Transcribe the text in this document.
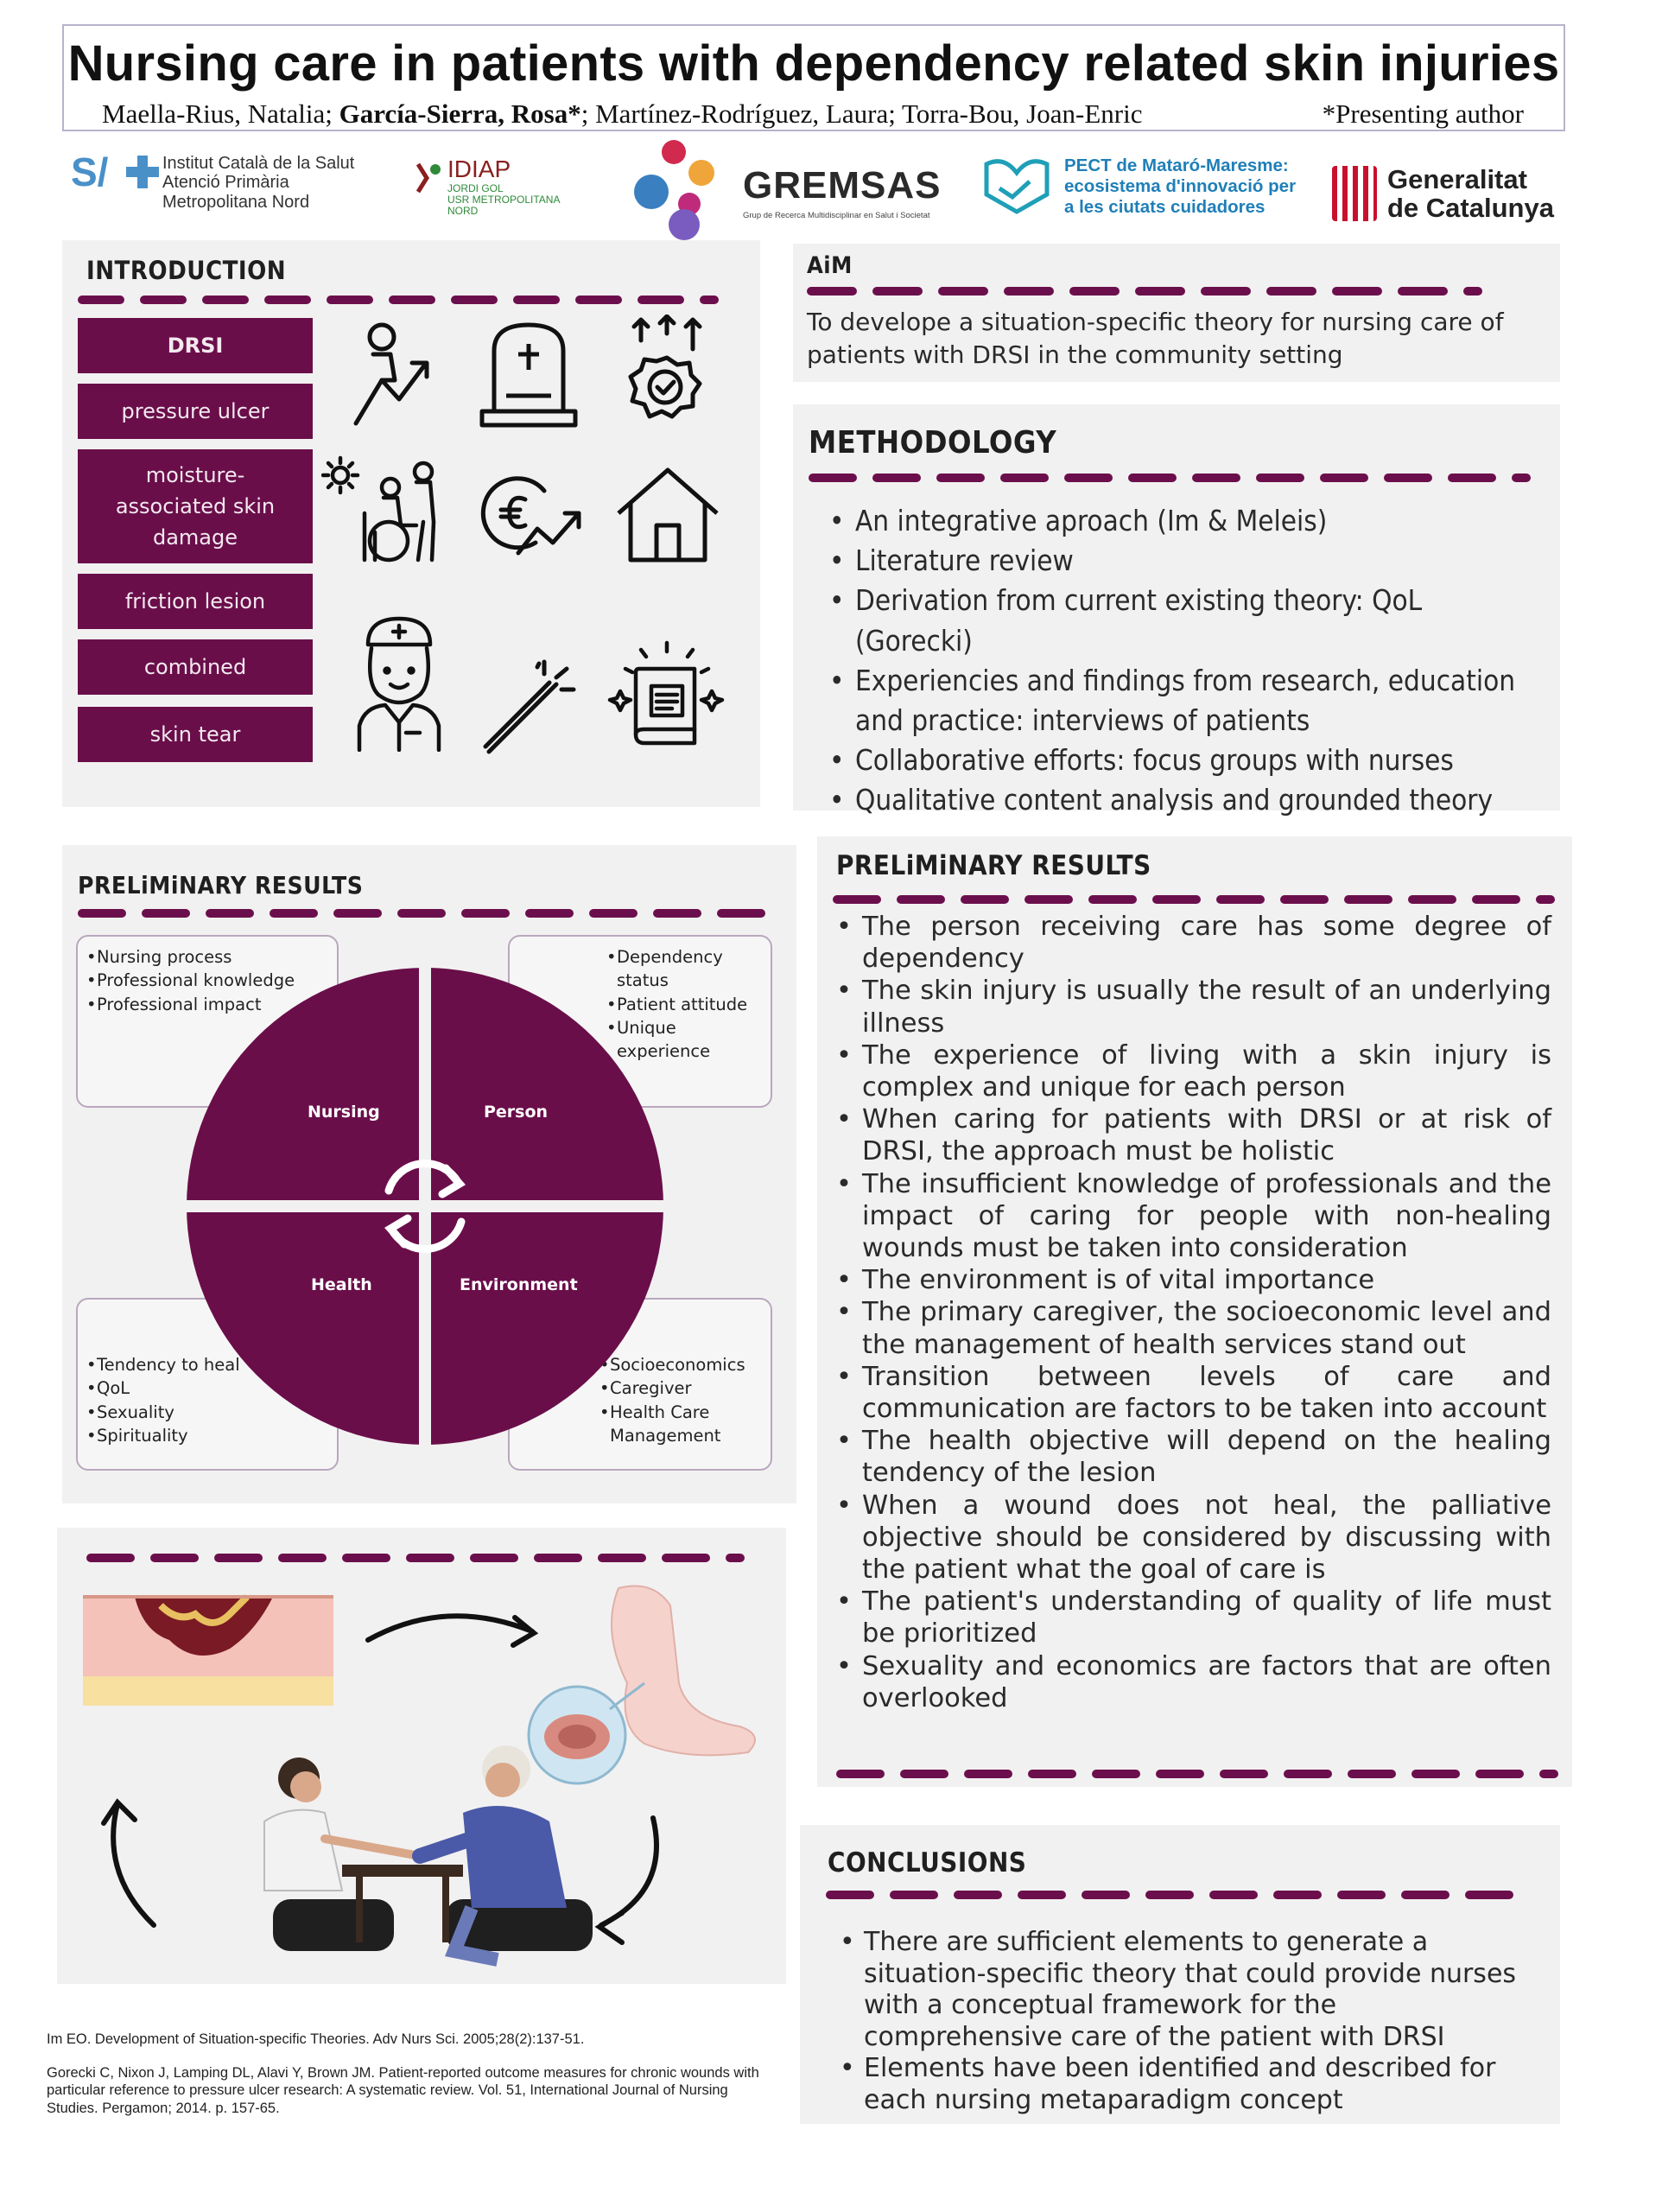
Nursing care in patients with dependency related skin injuries
Maella-Rius, Natalia; García-Sierra, Rosa*; Martínez-Rodríguez, Laura; Torra-Bou, Joan-Enric	*Presenting author
S/	Institut Català de la Salut
Atenció Primària
Metropolitana Nord
IDIAP
JORDI GOL
USR METROPOLITANA
NORD
GREMSAS
Grup de Recerca Multidisciplinar en Salut i Societat
PECT de Mataró-Maresme:
ecosistema d'innovació per
a les ciutats cuidadores
Generalitat
de Catalunya
INTRODUCTION
DRSI
pressure ulcer
moisture-associated skin damage
friction lesion
combined
skin tear
AiM
To develope a situation-specific theory for nursing care of patients with DRSI in the community setting
METHODOLOGY
• An integrative aproach (Im & Meleis)
• Literature review
• Derivation from current existing theory: QoL (Gorecki)
• Experiencies and findings from research, education and practice: interviews of patients
• Collaborative efforts: focus groups with nurses
• Qualitative content analysis and grounded theory
PRELiMiNARY RESULTS
• Nursing process
• Professional knowledge
• Professional impact
• Dependency status
• Patient attitude
• Unique experience
• Tendency to heal
• QoL
• Sexuality
• Spirituality
• Socioeconomics
• Caregiver
• Health Care Management
Nursing	Person
Health	Environment
PRELiMiNARY RESULTS
• The person receiving care has some degree of dependency
• The skin injury is usually the result of an underlying illness
• The experience of living with a skin injury is complex and unique for each person
• When caring for patients with DRSI or at risk of DRSI, the approach must be holistic
• The insufficient knowledge of professionals and the impact of caring for people with non-healing wounds must be taken into consideration
• The environment is of vital importance
• The primary caregiver, the socioeconomic level and the management of health services stand out
• Transition between levels of care and communication are factors to be taken into account
• The health objective will depend on the healing tendency of the lesion
• When a wound does not heal, the palliative objective should be considered by discussing with the patient what the goal of care is
• The patient's understanding of quality of life must be prioritized
• Sexuality and economics are factors that are often overlooked
CONCLUSIONS
• There are sufficient elements to generate a situation-specific theory that could provide nurses with a conceptual framework for the comprehensive care of the patient with DRSI
• Elements have been identified and described for each nursing metaparadigm concept

Im EO. Development of Situation-specific Theories. Adv Nurs Sci. 2005;28(2):137-51.

Gorecki C, Nixon J, Lamping DL, Alavi Y, Brown JM. Patient-reported outcome measures for chronic wounds with particular reference to pressure ulcer research: A systematic review. Vol. 51, International Journal of Nursing Studies. Pergamon; 2014. p. 157-65.
